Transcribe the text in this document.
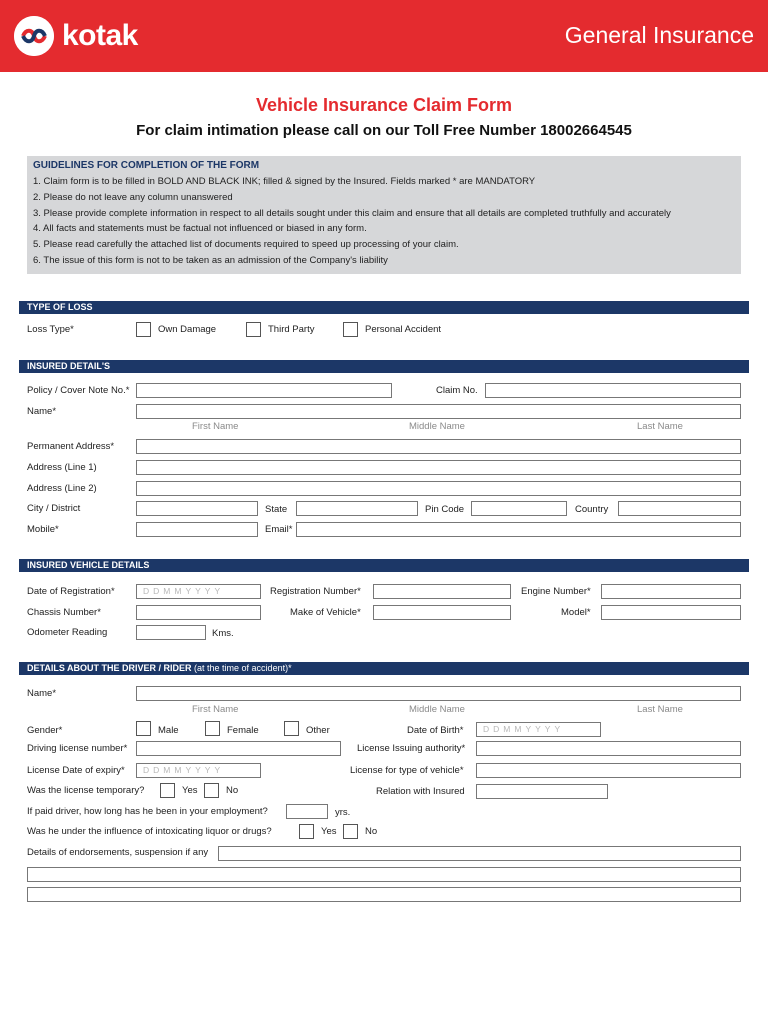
kotak	General Insurance
Vehicle Insurance Claim Form
For claim intimation please call on our Toll Free Number 18002664545
GUIDELINES FOR COMPLETION OF THE FORM
1. Claim form is to be filled in BOLD AND BLACK INK; filled & signed by the Insured. Fields marked * are MANDATORY
2. Please do not leave any column unanswered
3. Please provide complete information in respect to all details sought under this claim and ensure that all details are completed truthfully and accurately
4. All facts and statements must be factual not influenced or biased in any form.
5. Please read carefully the attached list of documents required to speed up processing of your claim.
6. The issue of this form is not to be taken as an admission of the Company's liability
TYPE OF LOSS
Loss Type*	Own Damage	Third Party	Personal Accident
INSURED DETAIL'S
Policy / Cover Note No.*	Claim No.
Name*
First Name	Middle Name	Last Name
Permanent Address*
Address (Line 1)
Address (Line 2)
City / District	State	Pin Code	Country
Mobile*	Email*
INSURED VEHICLE DETAILS
Date of Registration*	DDMMYYYY	Registration Number*	Engine Number*
Chassis Number*	Make of Vehicle*	Model*
Odometer Reading	Kms.
DETAILS ABOUT THE DRIVER / RIDER (at the time of accident)*
Name*
First Name	Middle Name	Last Name
Gender*	Male	Female	Other	Date of Birth*	DDMMYYYY
Driving license number*	License Issuing authority*
License Date of expiry*	DDMMYYYY	License for type of vehicle*
Was the license temporary?	Yes	No	Relation with Insured
If paid driver, how long has he been in your employment?	yrs.
Was he under the influence of intoxicating liquor or drugs?	Yes	No
Details of endorsements, suspension if any
